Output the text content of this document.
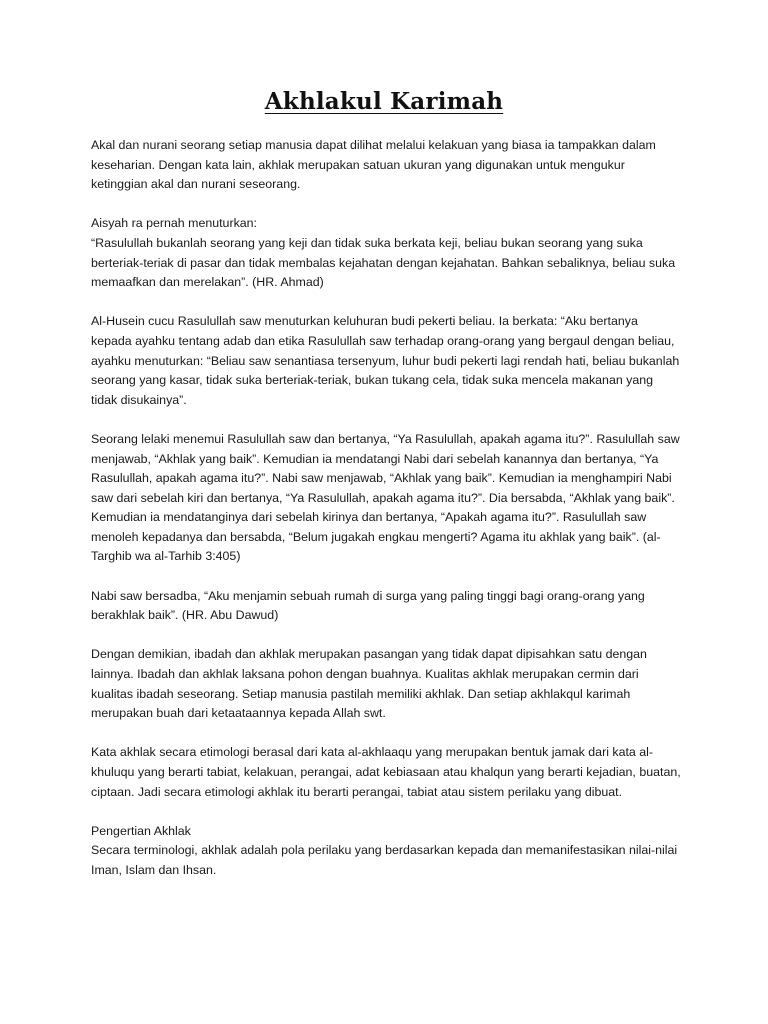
Akhlakul Karimah

Akal dan nurani seorang setiap manusia dapat dilihat melalui kelakuan yang biasa ia tampakkan dalam keseharian. Dengan kata lain, akhlak merupakan satuan ukuran yang digunakan untuk mengukur ketinggian akal dan nurani seseorang.

Aisyah ra pernah menuturkan:
“Rasulullah bukanlah seorang yang keji dan tidak suka berkata keji, beliau bukan seorang yang suka berteriak-teriak di pasar dan tidak membalas kejahatan dengan kejahatan. Bahkan sebaliknya, beliau suka memaafkan dan merelakan”. (HR. Ahmad)

Al-Husein cucu Rasulullah saw menuturkan keluhuran budi pekerti beliau. Ia berkata: “Aku bertanya kepada ayahku tentang adab dan etika Rasulullah saw terhadap orang-orang yang bergaul dengan beliau, ayahku menuturkan: “Beliau saw senantiasa tersenyum, luhur budi pekerti lagi rendah hati, beliau bukanlah seorang yang kasar, tidak suka berteriak-teriak, bukan tukang cela, tidak suka mencela makanan yang tidak disukainya”.

Seorang lelaki menemui Rasulullah saw dan bertanya, “Ya Rasulullah, apakah agama itu?”. Rasulullah saw menjawab, “Akhlak yang baik”. Kemudian ia mendatangi Nabi dari sebelah kanannya dan bertanya, “Ya Rasulullah, apakah agama itu?”. Nabi saw menjawab, “Akhlak yang baik”. Kemudian ia menghampiri Nabi saw dari sebelah kiri dan bertanya, “Ya Rasulullah, apakah agama itu?”. Dia bersabda, “Akhlak yang baik”. Kemudian ia mendatanginya dari sebelah kirinya dan bertanya, “Apakah agama itu?”. Rasulullah saw menoleh kepadanya dan bersabda, “Belum jugakah engkau mengerti? Agama itu akhlak yang baik”. (al-Targhib wa al-Tarhib 3:405)

Nabi saw bersadba, “Aku menjamin sebuah rumah di surga yang paling tinggi bagi orang-orang yang berakhlak baik”. (HR. Abu Dawud)

Dengan demikian, ibadah dan akhlak merupakan pasangan yang tidak dapat dipisahkan satu dengan lainnya. Ibadah dan akhlak laksana pohon dengan buahnya. Kualitas akhlak merupakan cermin dari kualitas ibadah seseorang. Setiap manusia pastilah memiliki akhlak. Dan setiap akhlakqul karimah merupakan buah dari ketaataannya kepada Allah swt.

Kata akhlak secara etimologi berasal dari kata al-akhlaaqu yang merupakan bentuk jamak dari kata al-khuluqu yang berarti tabiat, kelakuan, perangai, adat kebiasaan atau khalqun yang berarti kejadian, buatan, ciptaan. Jadi secara etimologi akhlak itu berarti perangai, tabiat atau sistem perilaku yang dibuat.

Pengertian Akhlak

Secara terminologi, akhlak adalah pola perilaku yang berdasarkan kepada dan memanifestasikan nilai-nilai Iman, Islam dan Ihsan.
